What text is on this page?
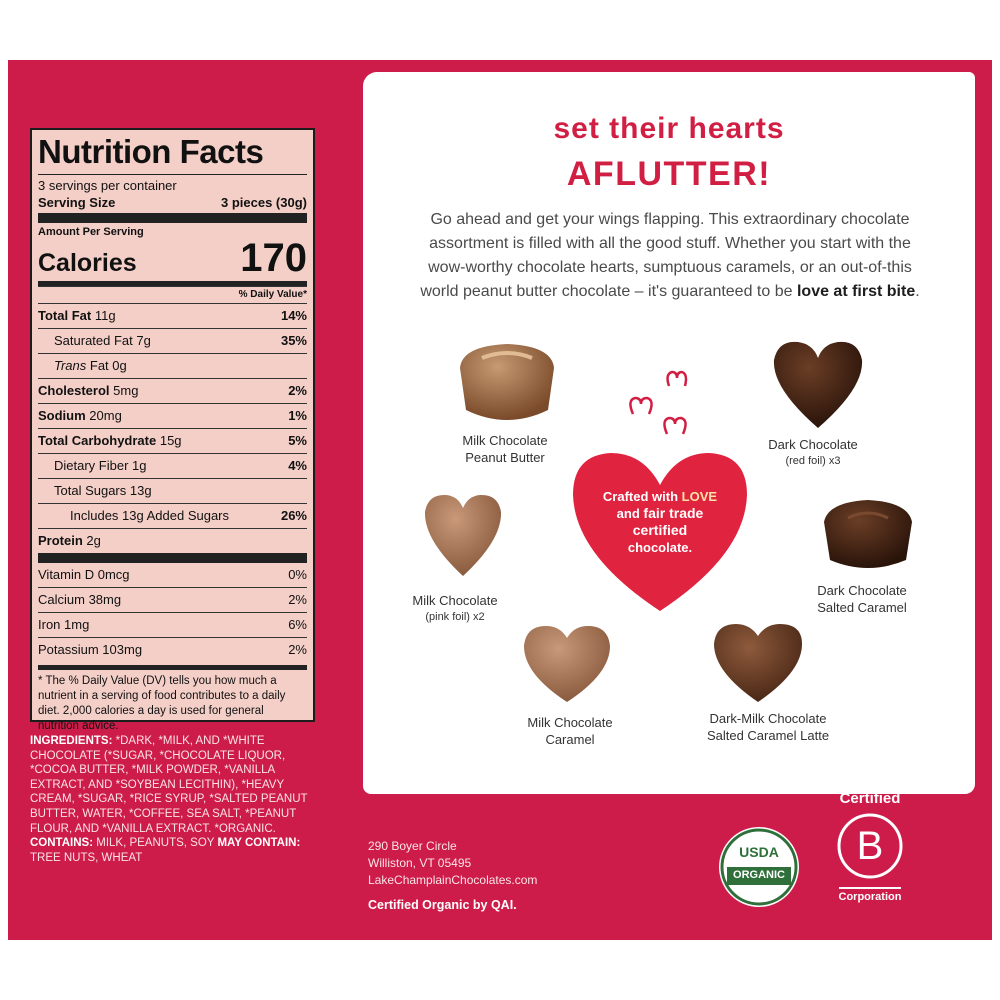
Nutrition Facts
3 servings per container
Serving Size	3 pieces (30g)
Amount Per Serving
Calories	170
% Daily Value*
Total Fat 11g	14%
Saturated Fat 7g	35%
Trans Fat 0g
Cholesterol 5mg	2%
Sodium 20mg	1%
Total Carbohydrate 15g	5%
Dietary Fiber 1g	4%
Total Sugars 13g
Includes 13g Added Sugars	26%
Protein 2g
Vitamin D 0mcg	0%
Calcium 38mg	2%
Iron 1mg	6%
Potassium 103mg	2%
* The % Daily Value (DV) tells you how much a nutrient in a serving of food contributes to a daily diet. 2,000 calories a day is used for general nutrition advice.
INGREDIENTS: *DARK, *MILK, AND *WHITE CHOCOLATE (*SUGAR, *CHOCOLATE LIQUOR, *COCOA BUTTER, *MILK POWDER, *VANILLA EXTRACT, AND *SOYBEAN LECITHIN), *HEAVY CREAM, *SUGAR, *RICE SYRUP, *SALTED PEANUT BUTTER, WATER, *COFFEE, SEA SALT, *PEANUT FLOUR, AND *VANILLA EXTRACT. *ORGANIC. CONTAINS: MILK, PEANUTS, SOY MAY CONTAIN: TREE NUTS, WHEAT
set their hearts
AFLUTTER!
Go ahead and get your wings flapping. This extraordinary chocolate assortment is filled with all the good stuff. Whether you start with the wow-worthy chocolate hearts, sumptuous caramels, or an out-of-this world peanut butter chocolate – it's guaranteed to be love at first bite.
Milk Chocolate
Peanut Butter
Dark Chocolate
(red foil) x3
Milk Chocolate
(pink foil) x2
Dark Chocolate
Salted Caramel
Milk Chocolate
Caramel
Dark-Milk Chocolate
Salted Caramel Latte
Crafted with LOVE
and fair trade
certified
chocolate.
290 Boyer Circle
Williston, VT 05495
LakeChamplainChocolates.com
Certified Organic by QAI.
USDA
ORGANIC
Certified
B
Corporation
